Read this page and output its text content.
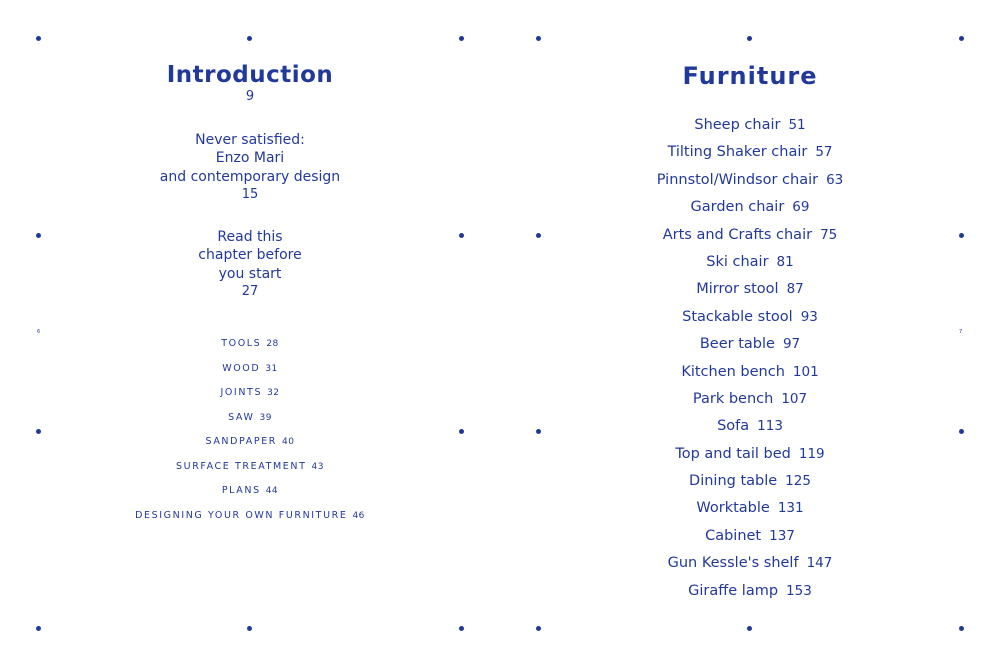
6
Introduction
9
Never satisfied:
Enzo Mari
and contemporary design
15
Read this
chapter before
you start
27
TOOLS 28
WOOD 31
JOINTS 32
SAW 39
SANDPAPER 40
SURFACE TREATMENT 43
PLANS 44
DESIGNING YOUR OWN FURNITURE 46
7
Furniture
Sheep chair 51
Tilting Shaker chair 57
Pinnstol/Windsor chair 63
Garden chair 69
Arts and Crafts chair 75
Ski chair 81
Mirror stool 87
Stackable stool 93
Beer table 97
Kitchen bench 101
Park bench 107
Sofa 113
Top and tail bed 119
Dining table 125
Worktable 131
Cabinet 137
Gun Kessle's shelf 147
Giraffe lamp 153
